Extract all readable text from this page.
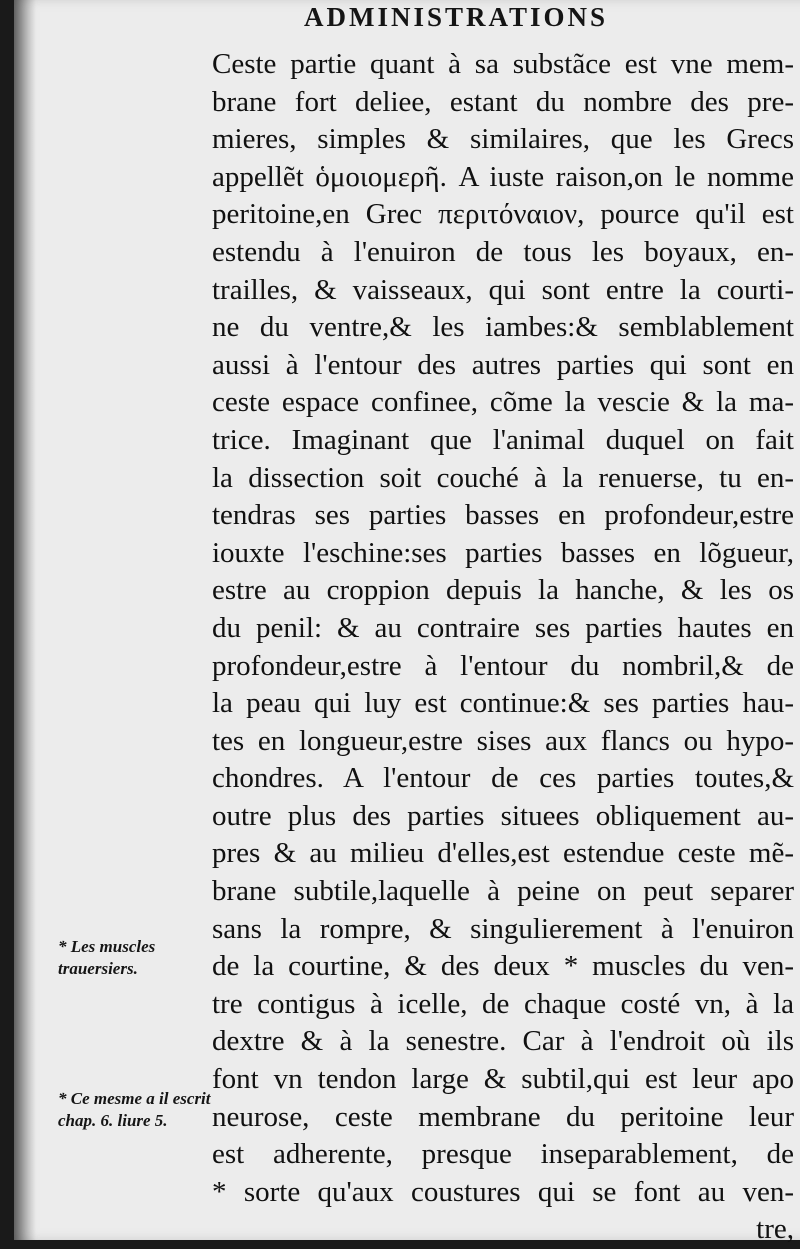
ADMINISTRATIONS
Ceste partie quant à sa substãce est vne mem-
brane fort deliee, estant du nombre des pre-
mieres, simples & similaires, que les Grecs
appellẽt ὁμοιομερῆ. A iuste raison,on le nomme
peritoine,en Grec περιτόναιον, pource qu'il est
estendu à l'enuiron de tous les boyaux, en-
trailles, & vaisseaux, qui sont entre la courti-
ne du ventre,& les iambes:& semblablement
aussi à l'entour des autres parties qui sont en
ceste espace confinee, cõme la vescie & la ma-
trice. Imaginant que l'animal duquel on fait
la dissection soit couché à la renuerse, tu en-
tendras ses parties basses en profondeur,estre
iouxte l'eschine:ses parties basses en lõgueur,
estre au croppion depuis la hanche, & les os
du penil: & au contraire ses parties hautes en
profondeur,estre à l'entour du nombril,& de
la peau qui luy est continue:& ses parties hau-
tes en longueur,estre sises aux flancs ou hypo-
chondres. A l'entour de ces parties toutes,&
outre plus des parties situees obliquement au-
pres & au milieu d'elles,est estendue ceste mẽ-
brane subtile,laquelle à peine on peut separer
sans la rompre, & singulierement à l'enuiron
de la courtine, & des deux * muscles du ven-
tre contigus à icelle, de chaque costé vn, à la
dextre & à la senestre. Car à l'endroit où ils
font vn tendon large & subtil,qui est leur apo
neurose, ceste membrane du peritoine leur
est adherente, presque inseparablement, de
* sorte qu'aux coustures qui se font au ven-
tre,
* Les muscles trauersiers.
* Ce mesme a il escrit chap. 6. liure 5.
